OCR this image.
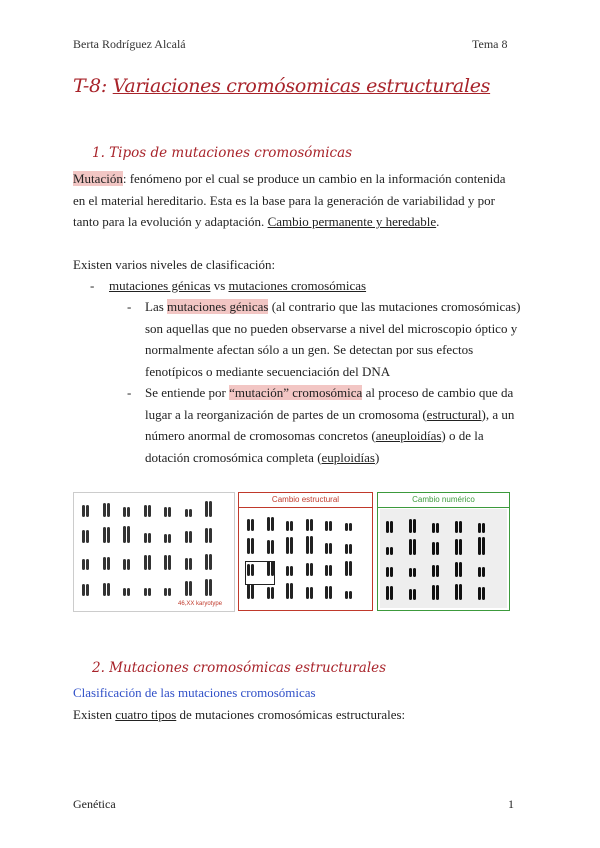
Berta Rodríguez Alcalá	Tema 8
T-8: Variaciones cromósomicas estructurales
1. Tipos de mutaciones cromosómicas
Mutación: fenómeno por el cual se produce un cambio en la información contenida
en el material hereditario. Esta es la base para la generación de variabilidad y por
tanto para la evolución y adaptación. Cambio permanente y heredable.
Existen varios niveles de clasificación:
- mutaciones génicas vs mutaciones cromosómicas
- Las mutaciones génicas (al contrario que las mutaciones cromosómicas)
son aquellas que no pueden observarse a nivel del microscopio óptico y
normalmente afectan sólo a un gen. Se detectan por sus efectos
fenotípicos o mediante secuenciación del DNA
- Se entiende por “mutación” cromosómica al proceso de cambio que da
lugar a la reorganización de partes de un cromosoma (estructural), a un
número anormal de cromosomas concretos (aneuploidías) o de la
dotación cromosómica completa (euploidías)
46,XX karyotype
Cambio estructural	Cambio numérico
2. Mutaciones cromosómicas estructurales
Clasificación de las mutaciones cromosómicas
Existen cuatro tipos de mutaciones cromosómicas estructurales:
Genética	1
